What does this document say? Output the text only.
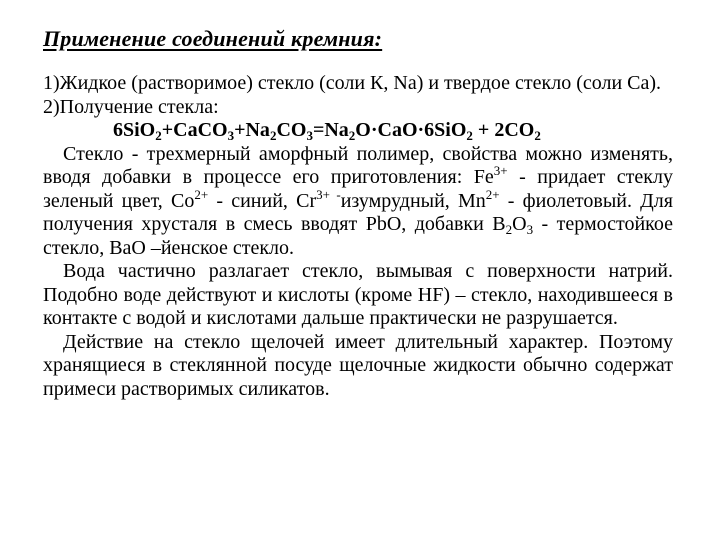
Применение соединений кремния:

1)Жидкое (растворимое) стекло (соли К, Na) и твердое стекло (соли Са).

2)Получение стекла:

$6SiO_2+CaCO_3+Na_2CO_3=Na_2O\cdot CaO\cdot 6SiO_2 + 2CO_2$

Стекло - трехмерный аморфный полимер, свойства можно изменять, вводя добавки в процессе его приготовления: $Fe^{3+}$ - придает стеклу зеленый цвет, $Co^{2+}$ - синий, $Cr^{3+ -}изумрудный$, $Mn^{2+}$ - фиолетовый. Для получения хрусталя в смесь вводят PbO, добавки $B_2O_3$ - термостойкое стекло, BaO –йенское стекло.

Вода частично разлагает стекло, вымывая с поверхности натрий. Подобно воде действуют и кислоты (кроме HF) – стекло, находившееся в контакте с водой и кислотами дальше практически не разрушается.

Действие на стекло щелочей имеет длительный характер. Поэтому хранящиеся в стеклянной посуде щелочные жидкости обычно содержат примеси растворимых силикатов.
